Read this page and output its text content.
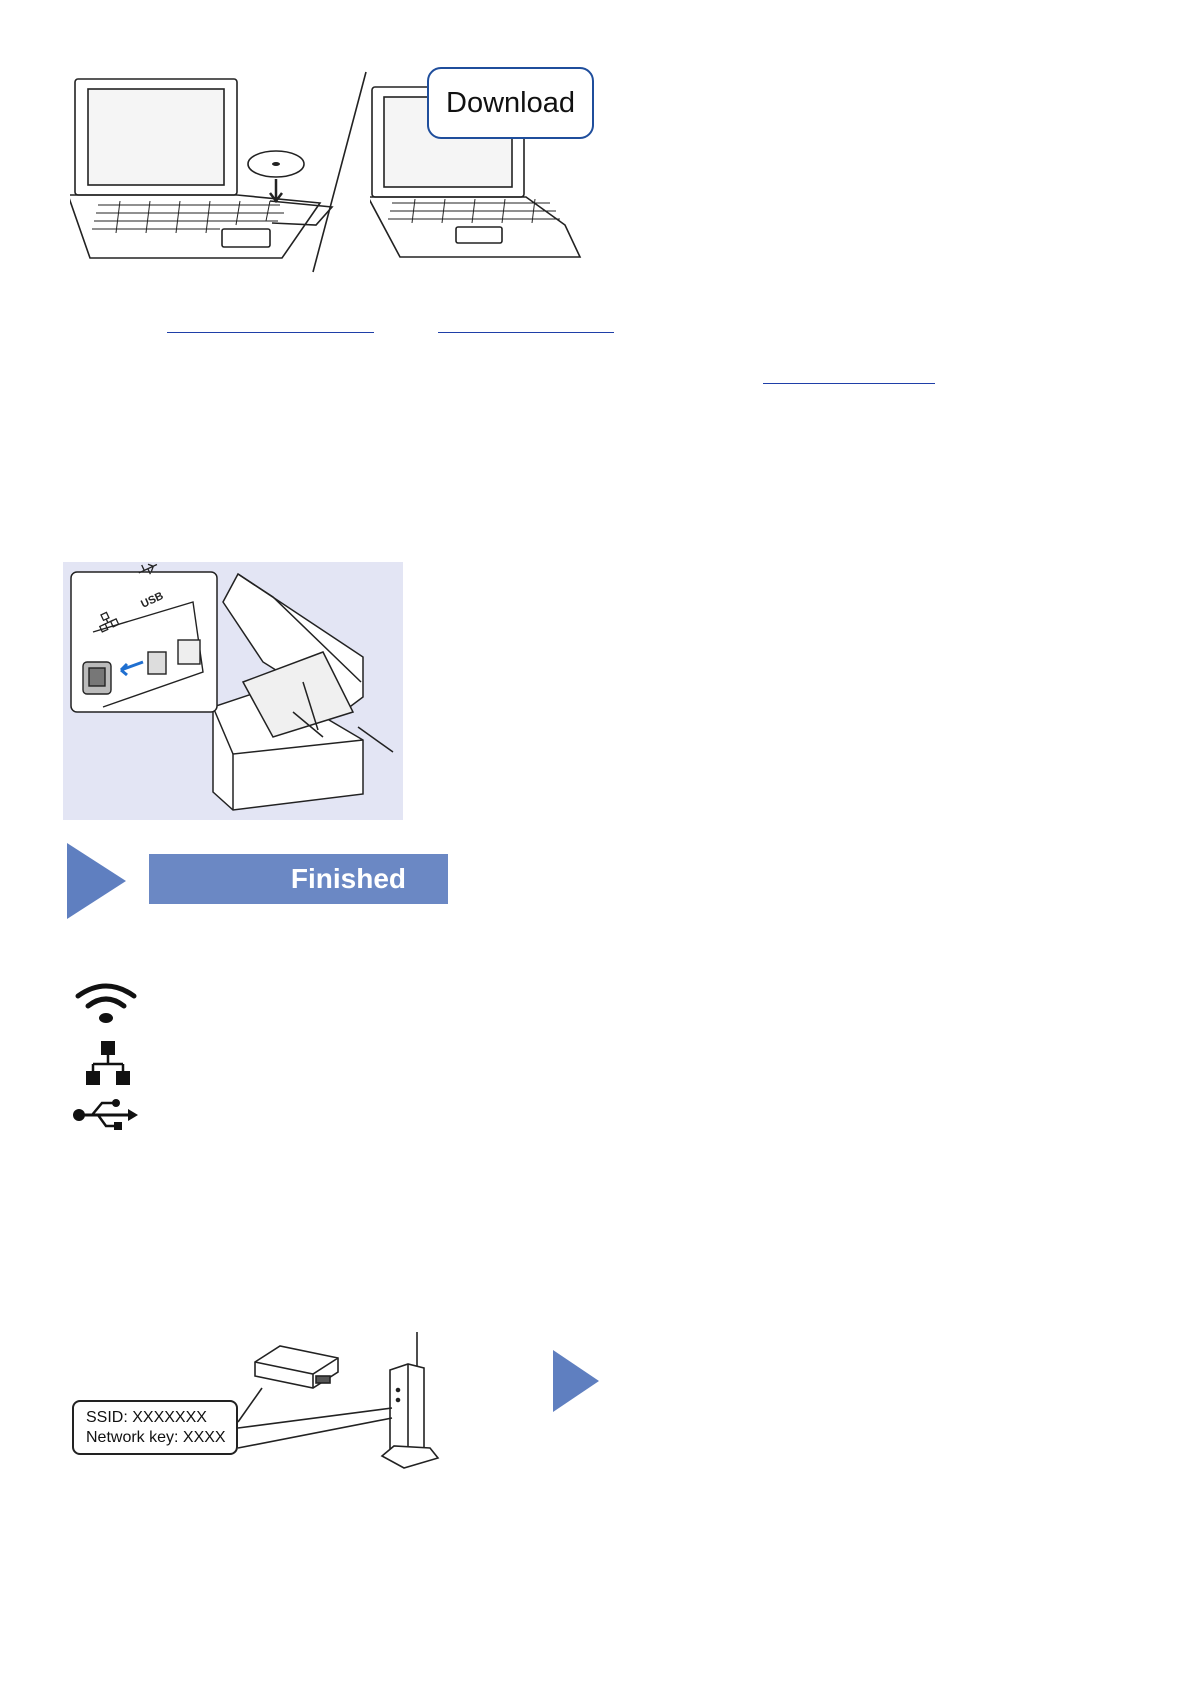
Download
USB
Finished
SSID: XXXXXXX
Network key: XXXX
